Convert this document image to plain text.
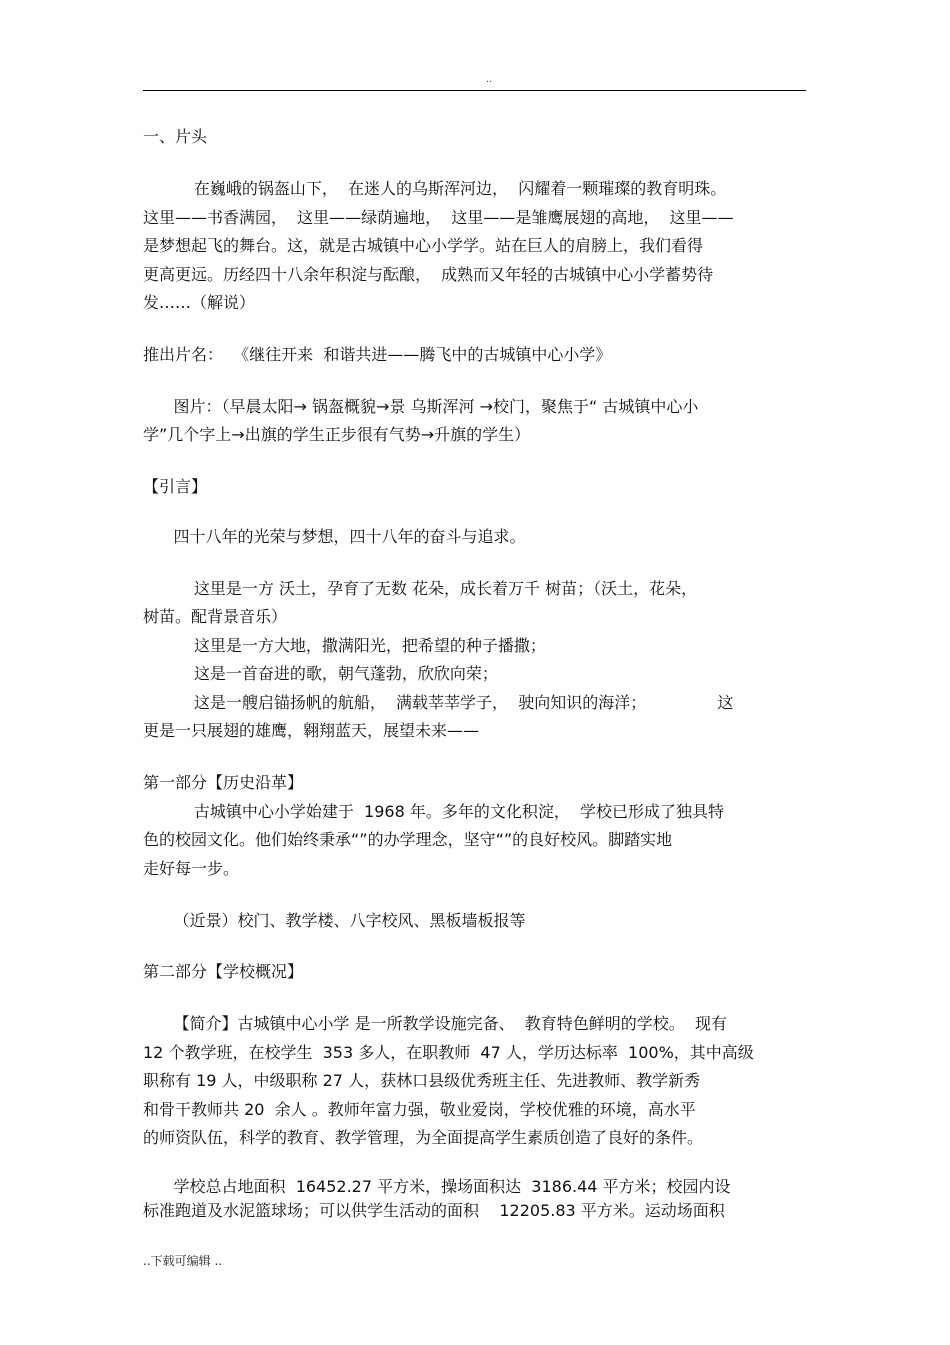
..
一、片头
在巍峨的锅盔山下，  在迷人的乌斯浑河边，  闪耀着一颗璀璨的教育明珠。
这里——书香满园，  这里——绿荫遍地，  这里——是雏鹰展翅的高地，  这里——
是梦想起飞的舞台。这，就是古城镇中心小学学。站在巨人的肩膀上，我们看得
更高更远。历经四十八余年积淀与酝酿，  成熟而又年轻的古城镇中心小学蓄势待
发……（解说）
推出片名：  《继往开来  和谐共进——腾飞中的古城镇中心小学》
图片：（早晨太阳→ 锅盔概貌→景 乌斯浑河 →校门，聚焦于“ 古城镇中心小
学”几个字上→出旗的学生正步很有气势→升旗的学生）
【引言】
四十八年的光荣与梦想，四十八年的奋斗与追求。
这里是一方 沃土，孕育了无数 花朵，成长着万千 树苗；（沃土，花朵，
树苗。配背景音乐）
这里是一方大地，撒满阳光，把希望的种子播撒；
这是一首奋进的歌，朝气蓬勃，欣欣向荣；
这是一艘启锚扬帆的航船，  满载莘莘学子，  驶向知识的海洋；              这
更是一只展翅的雄鹰，翱翔蓝天，展望未来——
第一部分【历史沿革】
古城镇中心小学始建于  1968 年。多年的文化积淀，  学校已形成了独具特
色的校园文化。他们始终秉承“”的办学理念，坚守“”的良好校风。脚踏实地
走好每一步。
（近景）校门、教学楼、八字校风、黑板墙板报等
第二部分【学校概况】
【简介】古城镇中心小学 是一所教学设施完备、  教育特色鲜明的学校。  现有
12 个教学班，在校学生  353 多人，在职教师  47 人，学历达标率  100%，其中高级
职称有 19 人，中级职称 27 人，获林口县级优秀班主任、先进教师、教学新秀
和骨干教师共 20  余人 。教师年富力强，敬业爱岗，学校优雅的环境，高水平
的师资队伍，科学的教育、教学管理，为全面提高学生素质创造了良好的条件。
学校总占地面积  16452.27 平方米，操场面积达  3186.44 平方米；校园内设
标准跑道及水泥篮球场；可以供学生活动的面积    12205.83 平方米。运动场面积
..下载可编辑 ..
